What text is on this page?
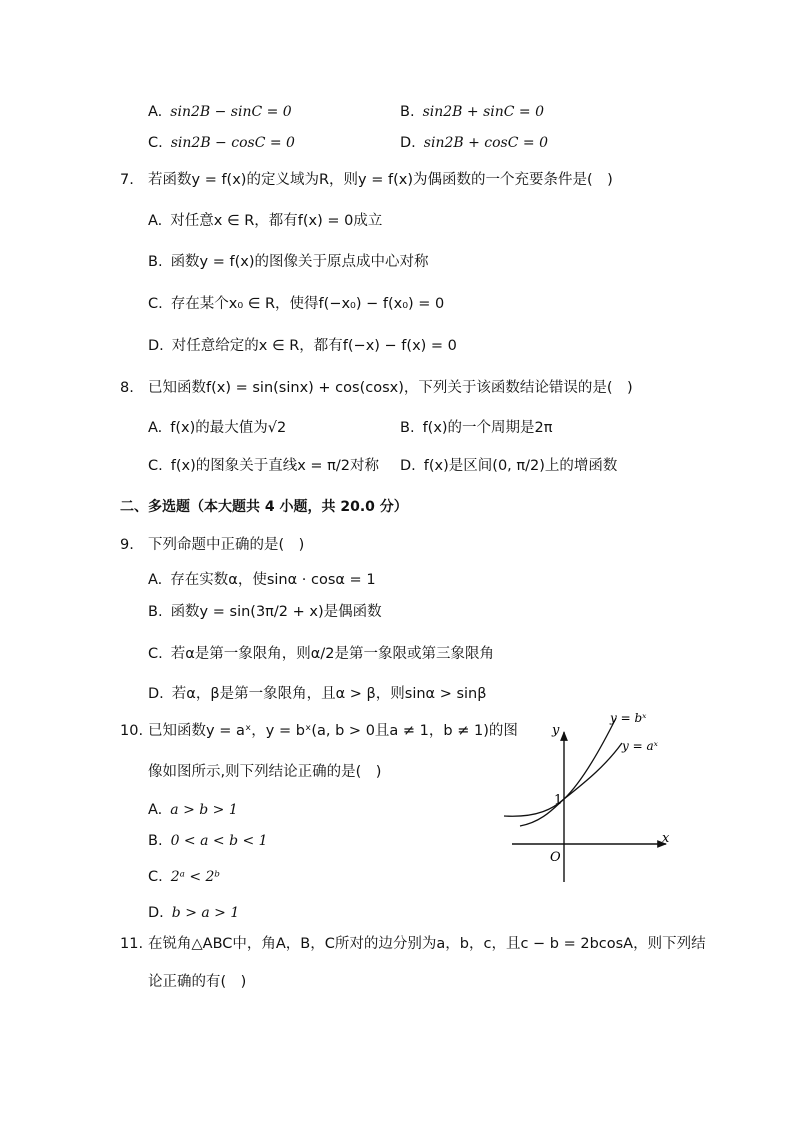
A. sin2B − sinC = 0	B. sin2B + sinC = 0
C. sin2B − cosC = 0	D. sin2B + cosC = 0
7. 若函数y = f(x)的定义域为R，则y = f(x)为偶函数的一个充要条件是(　)
A. 对任意x ∈ R，都有f(x) = 0成立
B. 函数y = f(x)的图像关于原点成中心对称
C. 存在某个x₀ ∈ R，使得f(−x₀) − f(x₀) = 0
D. 对任意给定的x ∈ R，都有f(−x) − f(x) = 0
8. 已知函数f(x) = sin(sinx) + cos(cosx)，下列关于该函数结论错误的是(　)
A. f(x)的最大值为√2	B. f(x)的一个周期是2π
C. f(x)的图象关于直线x = π/2对称 D. f(x)是区间(0, π/2)上的增函数
二、多选题（本大题共 4 小题，共 20.0 分）
9. 下列命题中正确的是(　)
A. 存在实数α，使sinα · cosα = 1
B. 函数y = sin(3π/2 + x)是偶函数
C. 若α是第一象限角，则α/2是第一象限或第三象限角
D. 若α，β是第一象限角，且α > β，则sinα > sinβ
10. 已知函数y = aˣ，y = bˣ(a, b > 0且a ≠ 1，b ≠ 1)的图
像如图所示,则下列结论正确的是(　)
A. a > b > 1
B. 0 < a < b < 1
C. 2ᵃ < 2ᵇ
D. b > a > 1
y
x
O
1
y = bˣ
y = aˣ
11. 在锐角△ABC中，角A，B，C所对的边分别为a，b，c，且c − b = 2bcosA，则下列结
论正确的有(　)
